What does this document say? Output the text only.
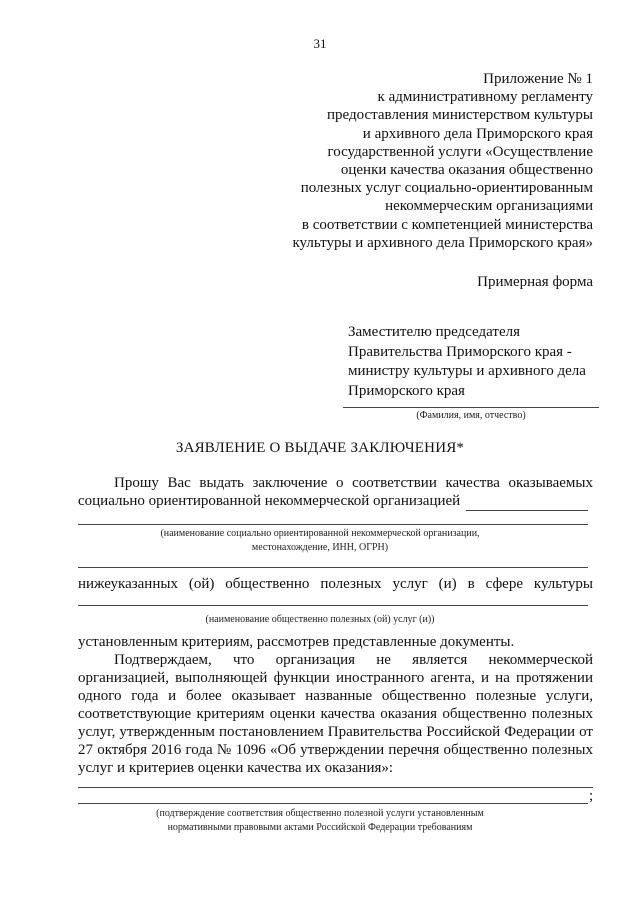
31
Приложение № 1
к административному регламенту
предоставления министерством культуры
и архивного дела Приморского края
государственной услуги «Осуществление
оценки качества оказания общественно
полезных услуг социально-ориентированным
некоммерческим организациями
в соответствии с компетенцией министерства
культуры и архивного дела Приморского края»
Примерная форма
Заместителю председателя
Правительства Приморского края -
министру культуры и архивного дела
Приморского края
(Фамилия, имя, отчество)
ЗАЯВЛЕНИЕ О ВЫДАЧЕ ЗАКЛЮЧЕНИЯ*
Прошу Вас выдать заключение о соответствии качества оказываемых
социально ориентированной некоммерческой организацией
(наименование социально ориентированной некоммерческой организации,
местонахождение, ИНН, ОГРН)
нижеуказанных (ой) общественно полезных услуг (и) в сфере культуры
(наименование общественно полезных (ой) услуг (и))
установленным критериям, рассмотрев представленные документы.
Подтверждаем, что организация не является некоммерческой
организацией, выполняющей функции иностранного агента, и на протяжении
одного года и более оказывает названные общественно полезные услуги,
соответствующие критериям оценки качества оказания общественно полезных
услуг, утвержденным постановлением Правительства Российской Федерации от
27 октября 2016 года № 1096 «Об утверждении перечня общественно полезных
услуг и критериев оценки качества их оказания»:
;
(подтверждение соответствия общественно полезной услуги установленным
нормативными правовыми актами Российской Федерации требованиям
